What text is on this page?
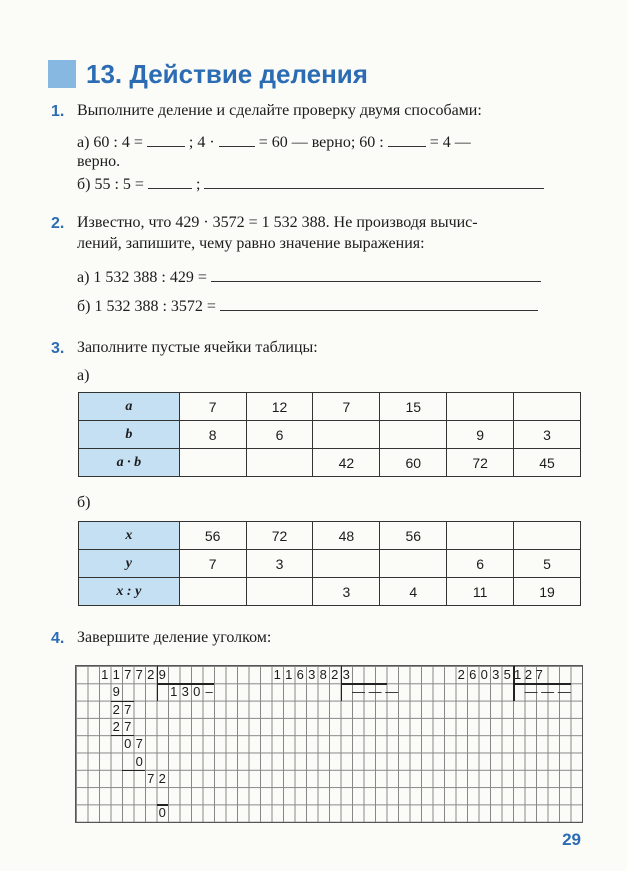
13. Действие деления
1. Выполните деление и сделайте проверку двумя способами:
а) 60 : 4 =	; 4 ·	= 60 — верно; 60 :	= 4 —
верно.
б) 55 : 5 =	;
2. Известно, что 429 · 3572 = 1 532 388. Не производя вычис-
лений, запишите, чему равно значение выражения:
а) 1 532 388 : 429 =
б) 1 532 388 : 3572 =
3. Заполните пустые ячейки таблицы:
а)
a	7	12	7	15		
b	8	6			9	3
a · b			42	60	72	45
б)
x	56	72	48	56		
y	7	3			6	5
x : y			3	4	11	19
4. Завершите деление уголком:
1 1 7 7 2 9
1 3 0 –
9
2 7
2 7
0 7
0
7 2
0
1 1 6 3 8 2 3
— — —
2 6 0 3 5 1 2 7
— — —
29
